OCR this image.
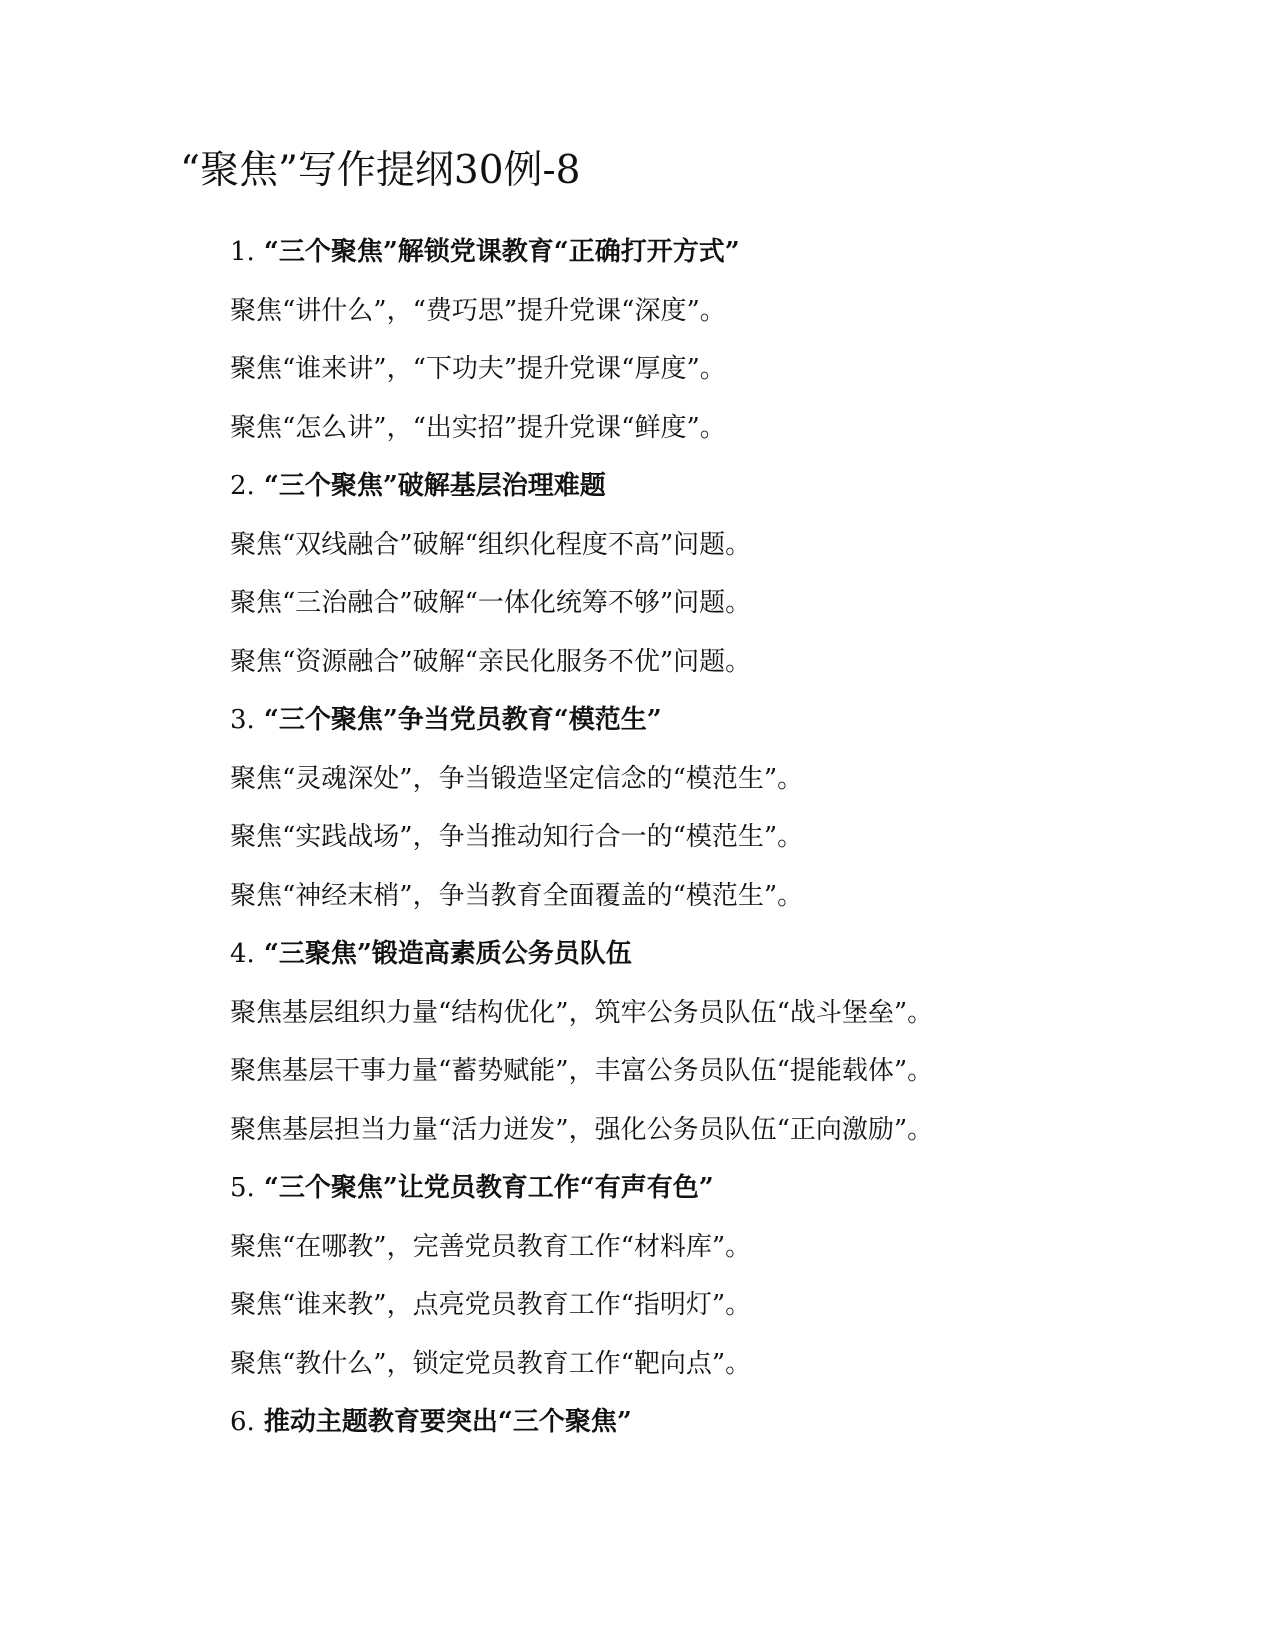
“聚焦”写作提纲30例-8
1. “三个聚焦”解锁党课教育“正确打开方式”
聚焦“讲什么”，“费巧思”提升党课“深度”。
聚焦“谁来讲”，“下功夫”提升党课“厚度”。
聚焦“怎么讲”，“出实招”提升党课“鲜度”。
2. “三个聚焦”破解基层治理难题
聚焦“双线融合”破解“组织化程度不高”问题。
聚焦“三治融合”破解“一体化统筹不够”问题。
聚焦“资源融合”破解“亲民化服务不优”问题。
3. “三个聚焦”争当党员教育“模范生”
聚焦“灵魂深处”，争当锻造坚定信念的“模范生”。
聚焦“实践战场”，争当推动知行合一的“模范生”。
聚焦“神经末梢”，争当教育全面覆盖的“模范生”。
4. “三聚焦”锻造高素质公务员队伍
聚焦基层组织力量“结构优化”，筑牢公务员队伍“战斗堡垒”。
聚焦基层干事力量“蓄势赋能”，丰富公务员队伍“提能载体”。
聚焦基层担当力量“活力迸发”，强化公务员队伍“正向激励”。
5. “三个聚焦”让党员教育工作“有声有色”
聚焦“在哪教”，完善党员教育工作“材料库”。
聚焦“谁来教”，点亮党员教育工作“指明灯”。
聚焦“教什么”，锁定党员教育工作“靶向点”。
6. 推动主题教育要突出“三个聚焦”
